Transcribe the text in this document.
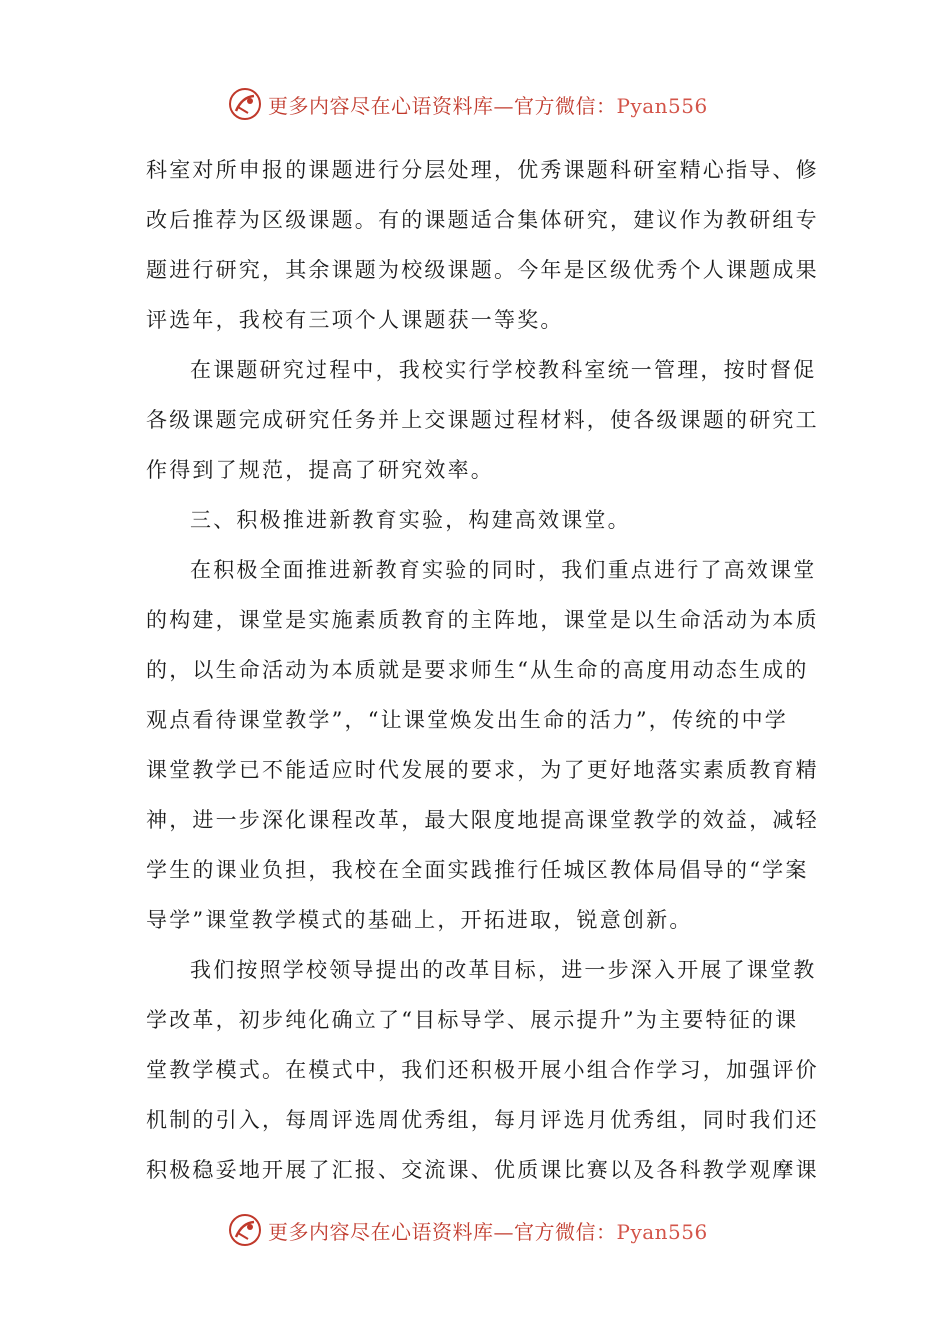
更多内容尽在心语资料库—官方微信：Pyan556
科室对所申报的课题进行分层处理，优秀课题科研室精心指导、修
改后推荐为区级课题。有的课题适合集体研究，建议作为教研组专
题进行研究，其余课题为校级课题。今年是区级优秀个人课题成果
评选年，我校有三项个人课题获一等奖。
在课题研究过程中，我校实行学校教科室统一管理，按时督促
各级课题完成研究任务并上交课题过程材料，使各级课题的研究工
作得到了规范，提高了研究效率。
三、积极推进新教育实验，构建高效课堂。
在积极全面推进新教育实验的同时，我们重点进行了高效课堂
的构建，课堂是实施素质教育的主阵地，课堂是以生命活动为本质
的，以生命活动为本质就是要求师生“从生命的高度用动态生成的
观点看待课堂教学”，“让课堂焕发出生命的活力”，传统的中学
课堂教学已不能适应时代发展的要求，为了更好地落实素质教育精
神，进一步深化课程改革，最大限度地提高课堂教学的效益，减轻
学生的课业负担，我校在全面实践推行任城区教体局倡导的“学案
导学”课堂教学模式的基础上，开拓进取，锐意创新。
我们按照学校领导提出的改革目标，进一步深入开展了课堂教
学改革，初步纯化确立了“目标导学、展示提升”为主要特征的课
堂教学模式。在模式中，我们还积极开展小组合作学习，加强评价
机制的引入，每周评选周优秀组，每月评选月优秀组，同时我们还
积极稳妥地开展了汇报、交流课、优质课比赛以及各科教学观摩课
更多内容尽在心语资料库—官方微信：Pyan556
